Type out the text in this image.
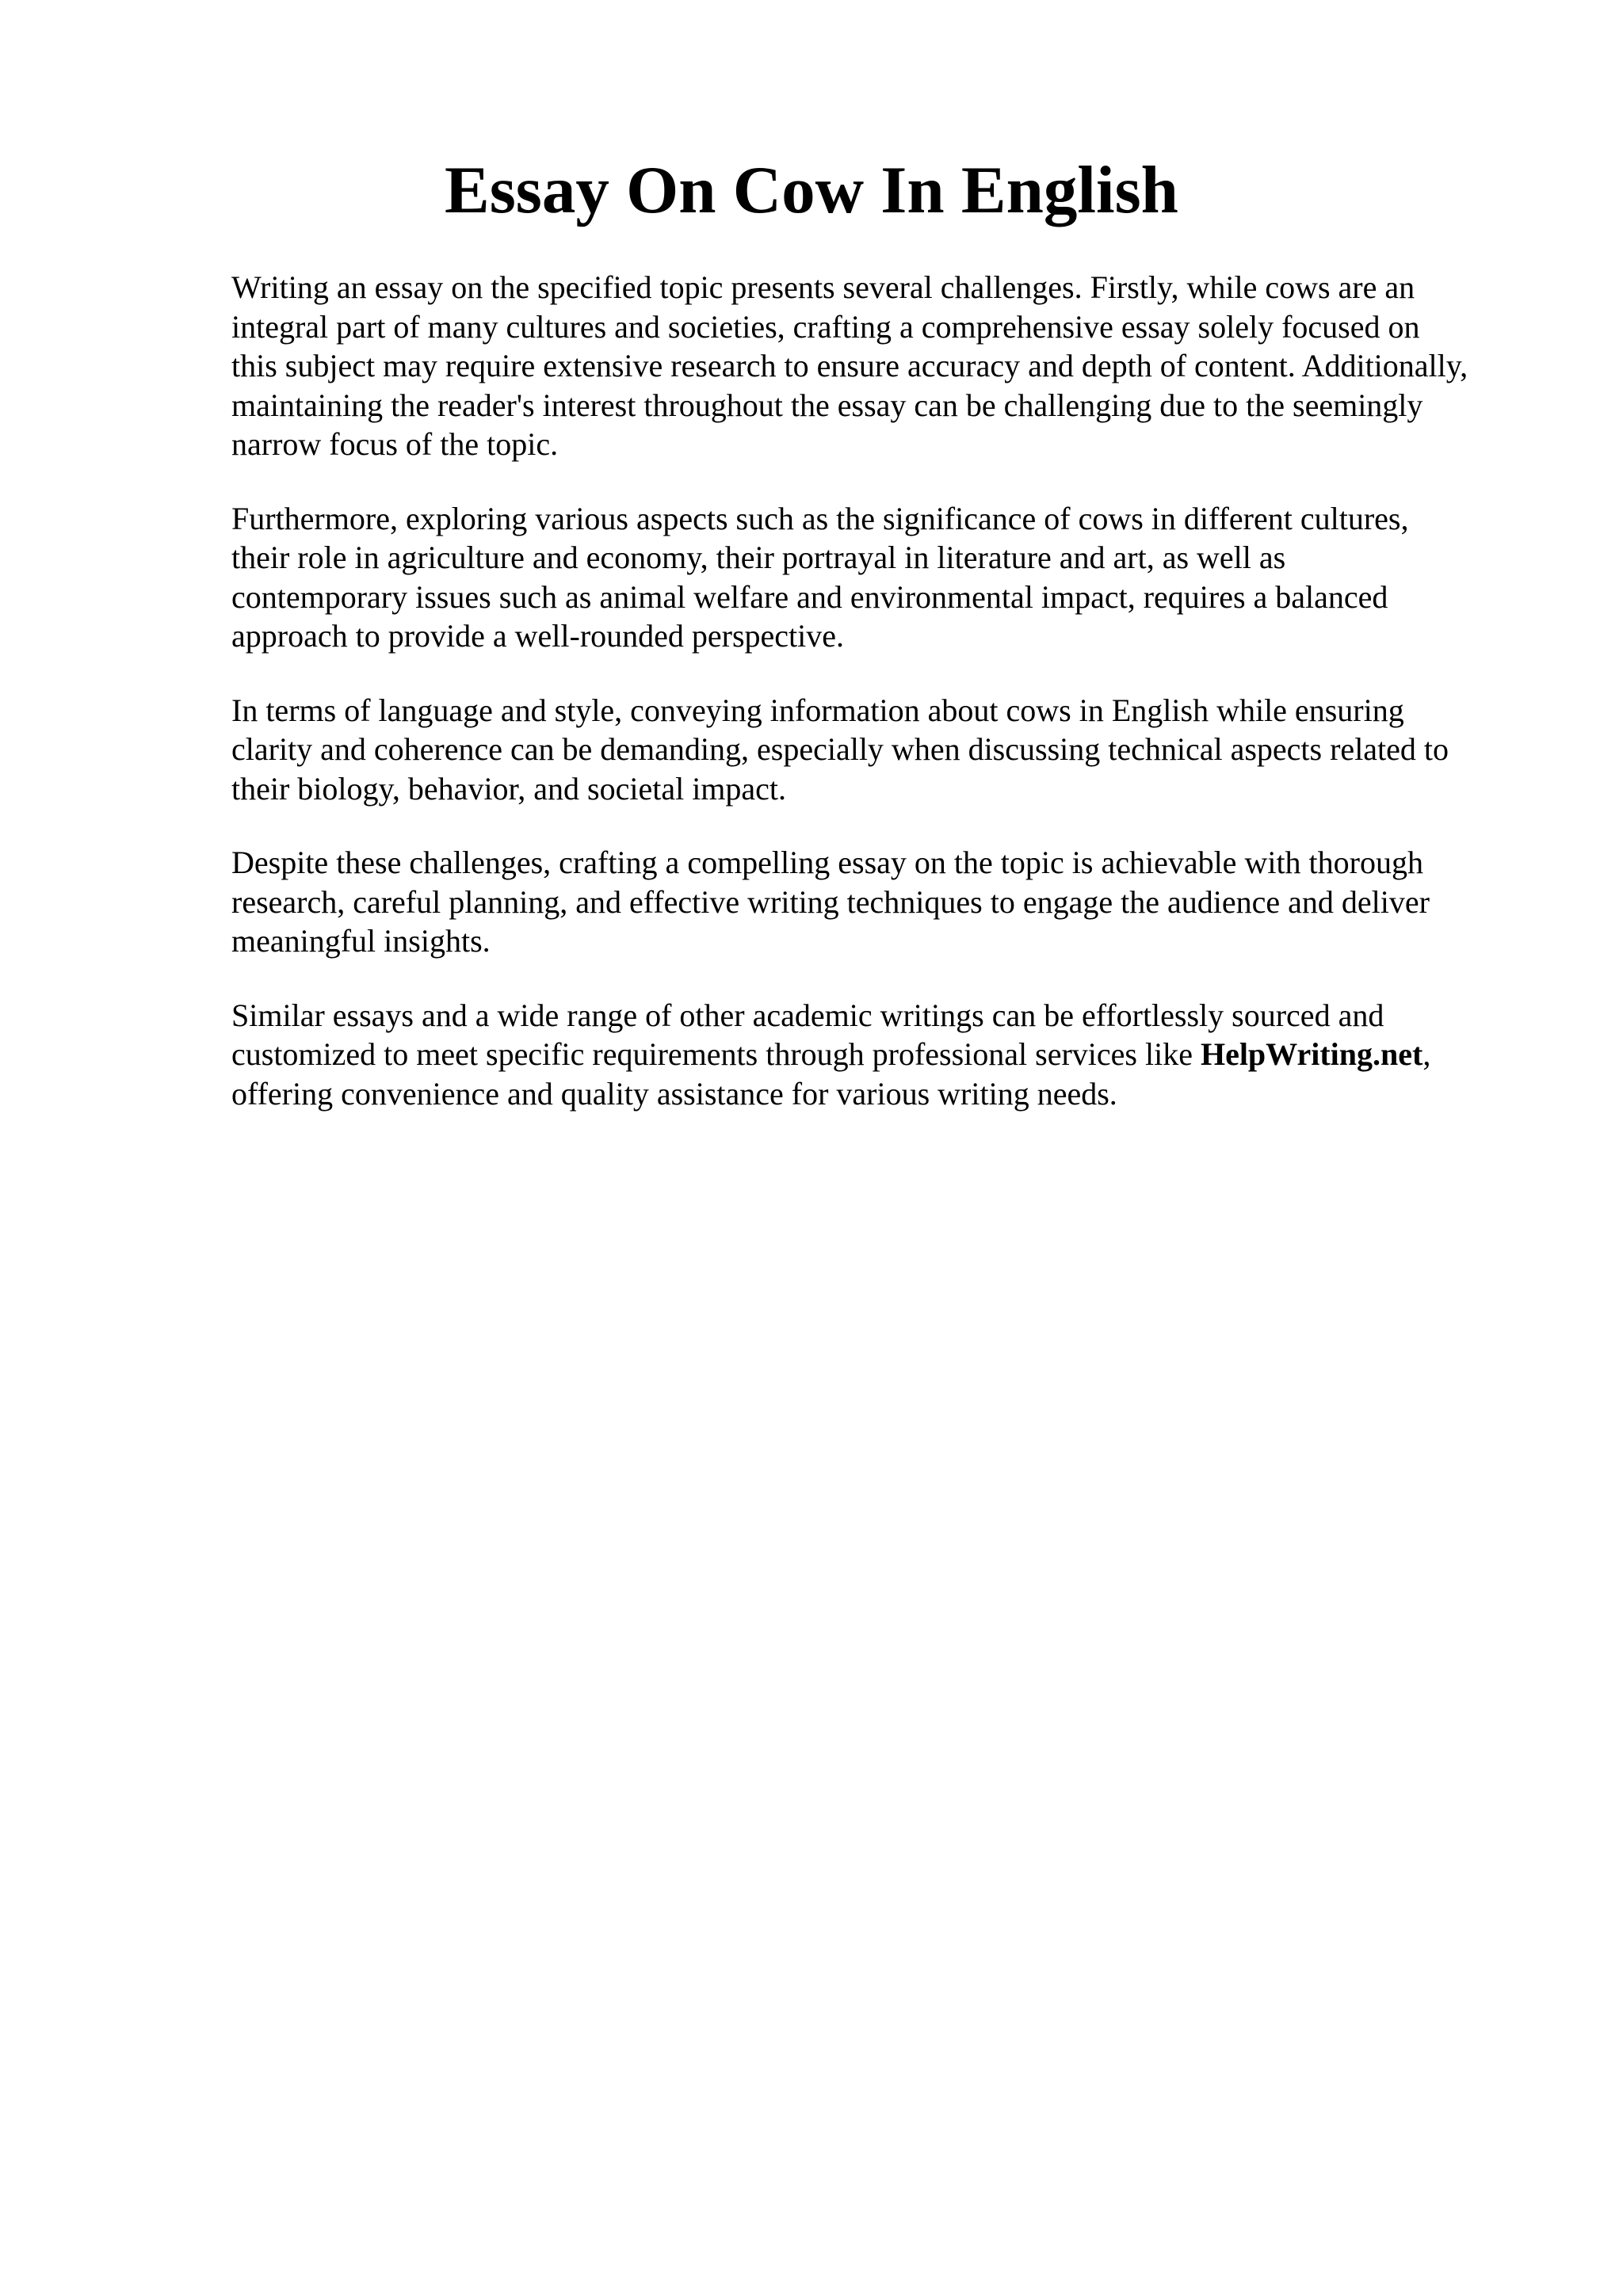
Essay On Cow In English

Writing an essay on the specified topic presents several challenges. Firstly, while cows are an
integral part of many cultures and societies, crafting a comprehensive essay solely focused on
this subject may require extensive research to ensure accuracy and depth of content. Additionally,
maintaining the reader's interest throughout the essay can be challenging due to the seemingly
narrow focus of the topic.

Furthermore, exploring various aspects such as the significance of cows in different cultures,
their role in agriculture and economy, their portrayal in literature and art, as well as
contemporary issues such as animal welfare and environmental impact, requires a balanced
approach to provide a well-rounded perspective.

In terms of language and style, conveying information about cows in English while ensuring
clarity and coherence can be demanding, especially when discussing technical aspects related to
their biology, behavior, and societal impact.

Despite these challenges, crafting a compelling essay on the topic is achievable with thorough
research, careful planning, and effective writing techniques to engage the audience and deliver
meaningful insights.

Similar essays and a wide range of other academic writings can be effortlessly sourced and
customized to meet specific requirements through professional services like HelpWriting.net,
offering convenience and quality assistance for various writing needs.
